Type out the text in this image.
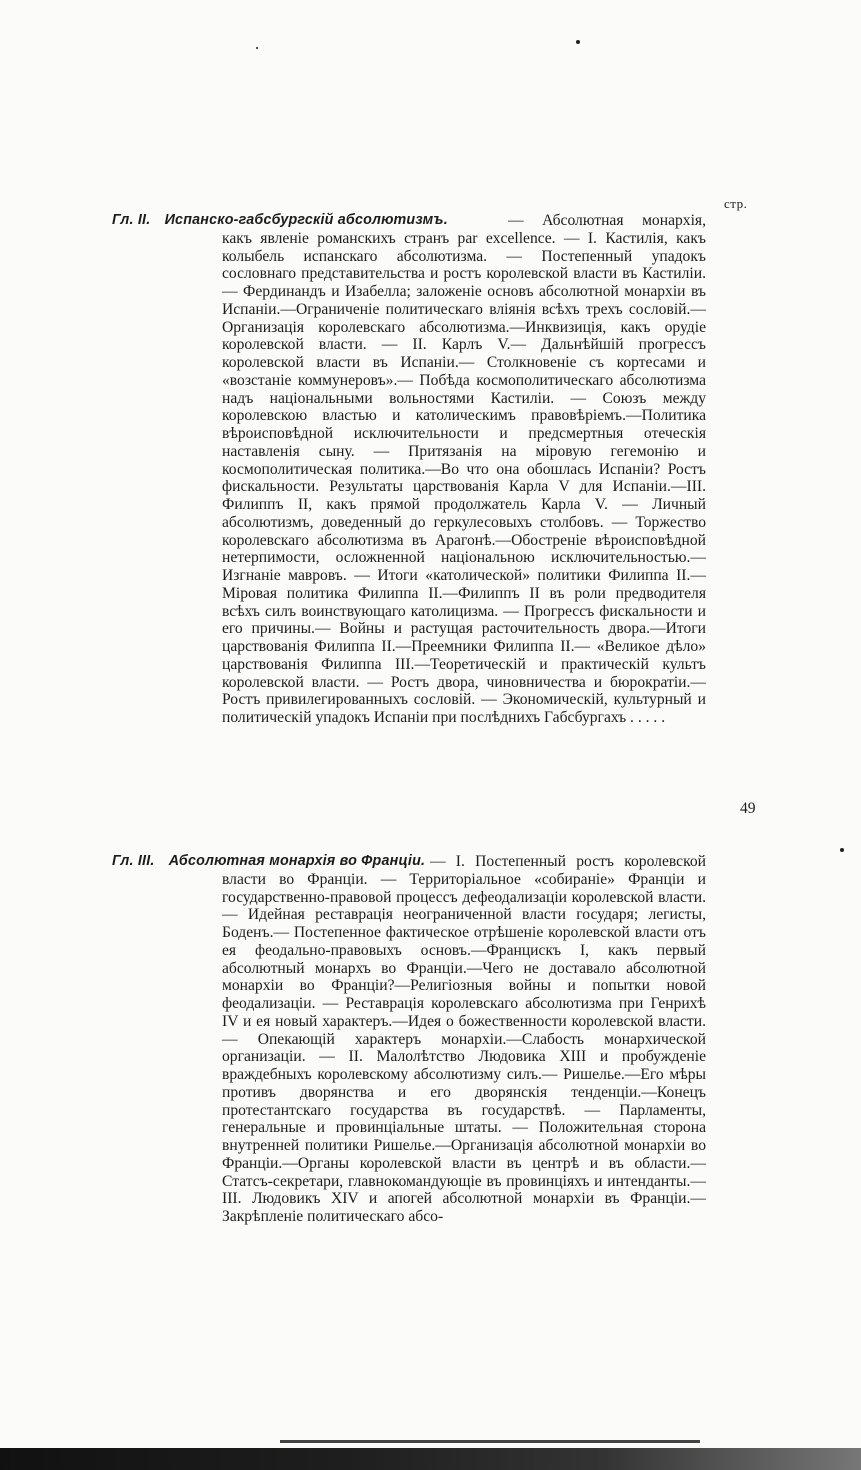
стр.
Гл. II. Испанско-габсбургскій абсолютизмъ.	— Абсолютная монархія, какъ явленіе романскихъ странъ par excellence. — I. Кастилія, какъ колыбель испанскаго абсолютизма. — Постепенный упадокъ сословнаго представительства и ростъ королевской власти въ Кастиліи. — Фердинандъ и Изабелла; заложеніе основъ абсолютной монархіи въ Испаніи.—Ограниченіе политическаго вліянія всѣхъ трехъ сословій.—Организація королевскаго абсолютизма.—Инквизиція, какъ орудіе королевской власти. — II. Карлъ V.— Дальнѣйшій прогрессъ королевской власти въ Испаніи.— Столкновеніе съ кортесами и «возстаніе коммунеровъ».— Побѣда космополитическаго абсолютизма надъ національными вольностями Кастиліи. — Союзъ между королевскою властью и католическимъ правовѣріемъ.—Политика вѣроисповѣдной исключительности и предсмертныя отеческія наставленія сыну. — Притязанія на міровую гегемонію и космополитическая политика.—Во что она обошлась Испаніи? Ростъ фискальности. Результаты царствованія Карла V для Испаніи.—III. Филиппъ II, какъ прямой продолжатель Карла V. — Личный абсолютизмъ, доведенный до геркулесовыхъ столбовъ. — Торжество королевскаго абсолютизма въ Арагонѣ.—Обостреніе вѣроисповѣдной нетерпимости, осложненной національною исключительностью.— Изгнаніе мавровъ. — Итоги «католической» политики Филиппа II.—Міровая политика Филиппа II.—Филиппъ II въ роли предводителя всѣхъ силъ воинствующаго католицизма. — Прогрессъ фискальности и его причины.— Войны и растущая расточительность двора.—Итоги царствованія Филиппа II.—Преемники Филиппа II.— «Великое дѣло» царствованія Филиппа III.—Теоретическій и практическій культъ королевской власти. — Ростъ двора, чиновничества и бюрократіи.—Ростъ привилегированныхъ сословій. — Экономическій, культурный и политическій упадокъ Испаніи при послѣднихъ Габсбургахъ . . . . .
49
Гл. III. Абсолютная монархія во Франціи. — I. Постепенный ростъ королевской власти во Франціи. — Территоріальное «собираніе» Франціи и государственно-правовой процессъ дефеодализаціи королевской власти. — Идейная реставрація неограниченной власти государя; легисты, Боденъ.— Постепенное фактическое отрѣшеніе королевской власти отъ ея феодально-правовыхъ основъ.—Францискъ I, какъ первый абсолютный монархъ во Франціи.—Чего не доставало абсолютной монархіи во Франціи?—Религіозныя войны и попытки новой феодализаціи. — Реставрація королевскаго абсолютизма при Генрихѣ IV и ея новый характеръ.—Идея о божественности королевской власти.— Опекающій характеръ монархіи.—Слабость монархической организаціи. — II. Малолѣтство Людовика XIII и пробужденіе враждебныхъ королевскому абсолютизму силъ.— Ришелье.—Его мѣры противъ дворянства и его дворянскія тенденціи.—Конецъ протестантскаго государства въ государствѣ. — Парламенты, генеральные и провинціальные штаты. — Положительная сторона внутренней политики Ришелье.—Организація абсолютной монархіи во Франціи.—Органы королевской власти въ центрѣ и въ области.— Статсъ-секретари, главнокомандующіе въ провинціяхъ и интенданты.—III. Людовикъ XIV и апогей абсолютной монархіи въ Франціи.—Закрѣпленіе политическаго абсо-
